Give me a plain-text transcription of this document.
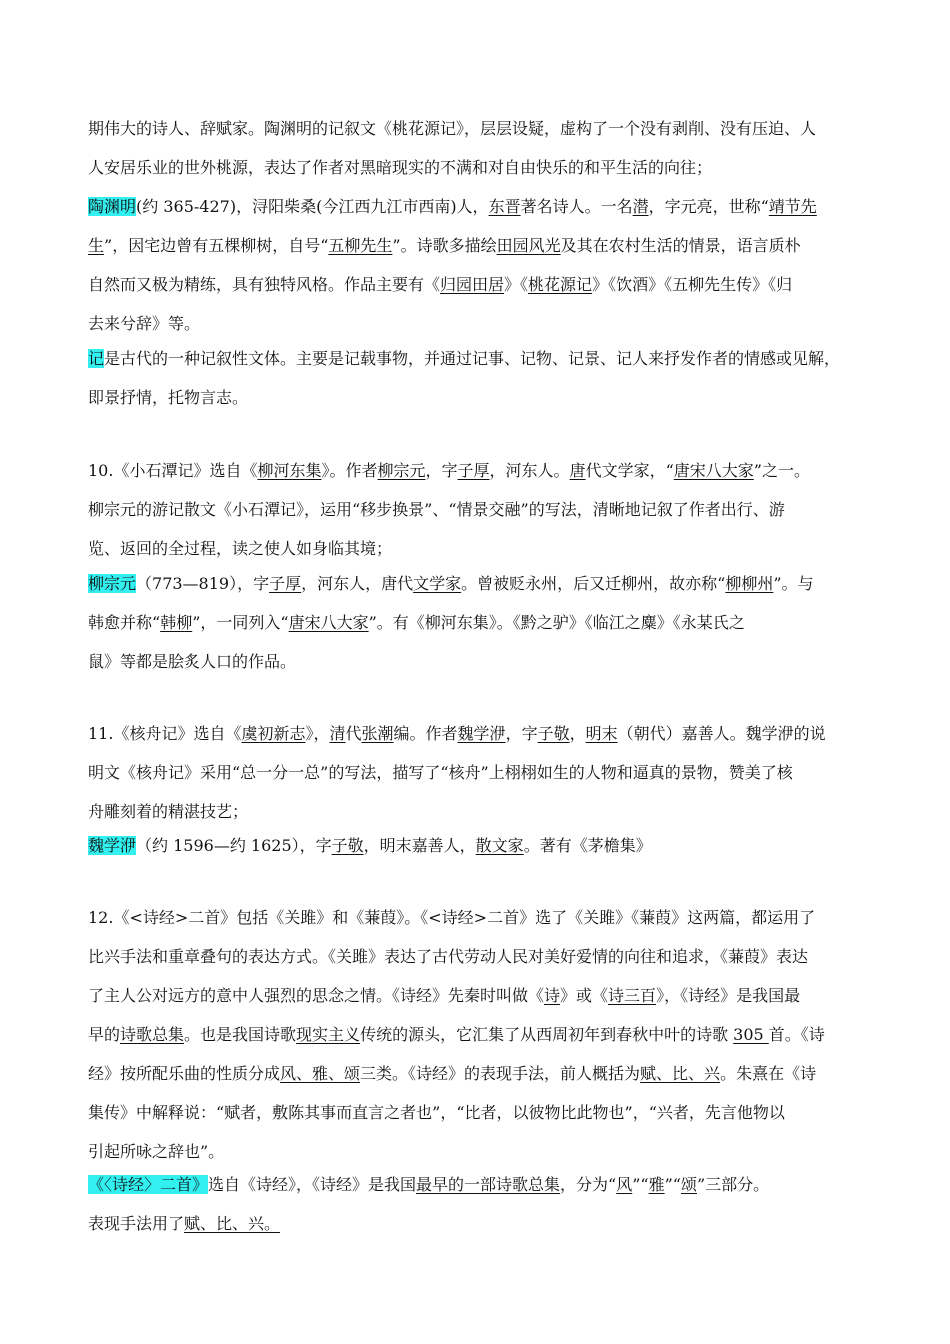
期伟大的诗人、辞赋家。陶渊明的记叙文《桃花源记》，层层设疑，虚构了一个没有剥削、没有压迫、人
人安居乐业的世外桃源，表达了作者对黑暗现实的不满和对自由快乐的和平生活的向往；
陶渊明(约 365-427)，浔阳柴桑(今江西九江市西南)人，东晋著名诗人。一名潜，字元亮，世称“靖节先
生”，因宅边曾有五棵柳树，自号“五柳先生”。诗歌多描绘田园风光及其在农村生活的情景，语言质朴
自然而又极为精练，具有独特风格。作品主要有《归园田居》《桃花源记》《饮酒》《五柳先生传》《归
去来兮辞》等。
记是古代的一种记叙性文体。主要是记载事物，并通过记事、记物、记景、记人来抒发作者的情感或见解，
即景抒情，托物言志。
10.《小石潭记》选自《柳河东集》。作者柳宗元，字子厚，河东人。唐代文学家，“唐宋八大家”之一。
柳宗元的游记散文《小石潭记》，运用“移步换景”、“情景交融”的写法，清晰地记叙了作者出行、游
览、返回的全过程，读之使人如身临其境；
柳宗元（773—819），字子厚，河东人，唐代文学家。曾被贬永州，后又迁柳州，故亦称“柳柳州”。与
韩愈并称“韩柳”，一同列入“唐宋八大家”。有《柳河东集》。《黔之驴》《临江之麋》《永某氏之
鼠》等都是脍炙人口的作品。
11.《核舟记》选自《虞初新志》，清代张潮编。作者魏学洢，字子敬，明末（朝代）嘉善人。魏学洢的说
明文《核舟记》采用“总一分一总”的写法，描写了“核舟”上栩栩如生的人物和逼真的景物，赞美了核
舟雕刻着的精湛技艺；
魏学洢（约 1596—约 1625），字子敬，明末嘉善人，散文家。著有《茅檐集》
12.《<诗经>二首》包括《关雎》和《蒹葭》。《<诗经>二首》选了《关雎》《蒹葭》这两篇，都运用了
比兴手法和重章叠句的表达方式。《关雎》表达了古代劳动人民对美好爱情的向往和追求，《蒹葭》表达
了主人公对远方的意中人强烈的思念之情。《诗经》先秦时叫做《诗》或《诗三百》，《诗经》是我国最
早的诗歌总集。也是我国诗歌现实主义传统的源头，它汇集了从西周初年到春秋中叶的诗歌 305 首。《诗
经》按所配乐曲的性质分成风、雅、颂三类。《诗经》的表现手法，前人概括为赋、比、兴。朱熹在《诗
集传》中解释说：“赋者，敷陈其事而直言之者也”，“比者，以彼物比此物也”，“兴者，先言他物以
引起所咏之辞也”。
《〈诗经〉二首》选自《诗经》，《诗经》是我国最早的一部诗歌总集，分为“风”“雅”“颂”三部分。
表现手法用了赋、比、兴。
